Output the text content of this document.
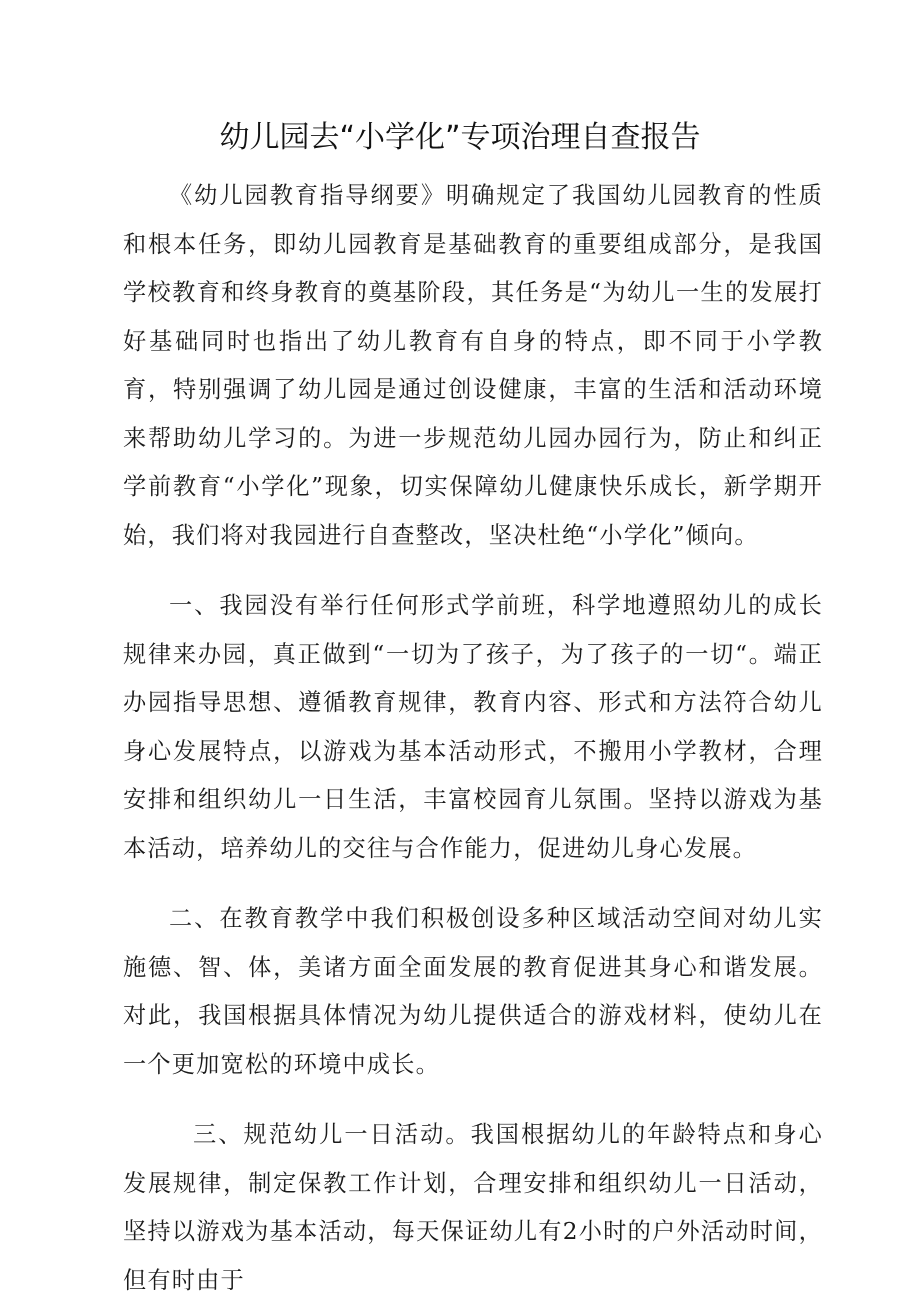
幼儿园去“小学化”专项治理自查报告

《幼儿园教育指导纲要》明确规定了我国幼儿园教育的性质和根本任务，即幼儿园教育是基础教育的重要组成部分，是我国学校教育和终身教育的奠基阶段，其任务是“为幼儿一生的发展打好基础同时也指出了幼儿教育有自身的特点，即不同于小学教育，特别强调了幼儿园是通过创设健康，丰富的生活和活动环境来帮助幼儿学习的。为进一步规范幼儿园办园行为，防止和纠正学前教育“小学化”现象，切实保障幼儿健康快乐成长，新学期开始，我们将对我园进行自查整改，坚决杜绝“小学化”倾向。

一、我园没有举行任何形式学前班，科学地遵照幼儿的成长规律来办园，真正做到“一切为了孩子，为了孩子的一切“。端正办园指导思想、遵循教育规律，教育内容、形式和方法符合幼儿身心发展特点，以游戏为基本活动形式，不搬用小学教材，合理安排和组织幼儿一日生活，丰富校园育儿氛围。坚持以游戏为基本活动，培养幼儿的交往与合作能力，促进幼儿身心发展。

二、在教育教学中我们积极创设多种区域活动空间对幼儿实施德、智、体，美诸方面全面发展的教育促进其身心和谐发展。对此，我国根据具体情况为幼儿提供适合的游戏材料，使幼儿在一个更加宽松的环境中成长。

三、规范幼儿一日活动。我国根据幼儿的年龄特点和身心发展规律，制定保教工作计划，合理安排和组织幼儿一日活动，坚持以游戏为基本活动，每天保证幼儿有2小时的户外活动时间，但有时由于
